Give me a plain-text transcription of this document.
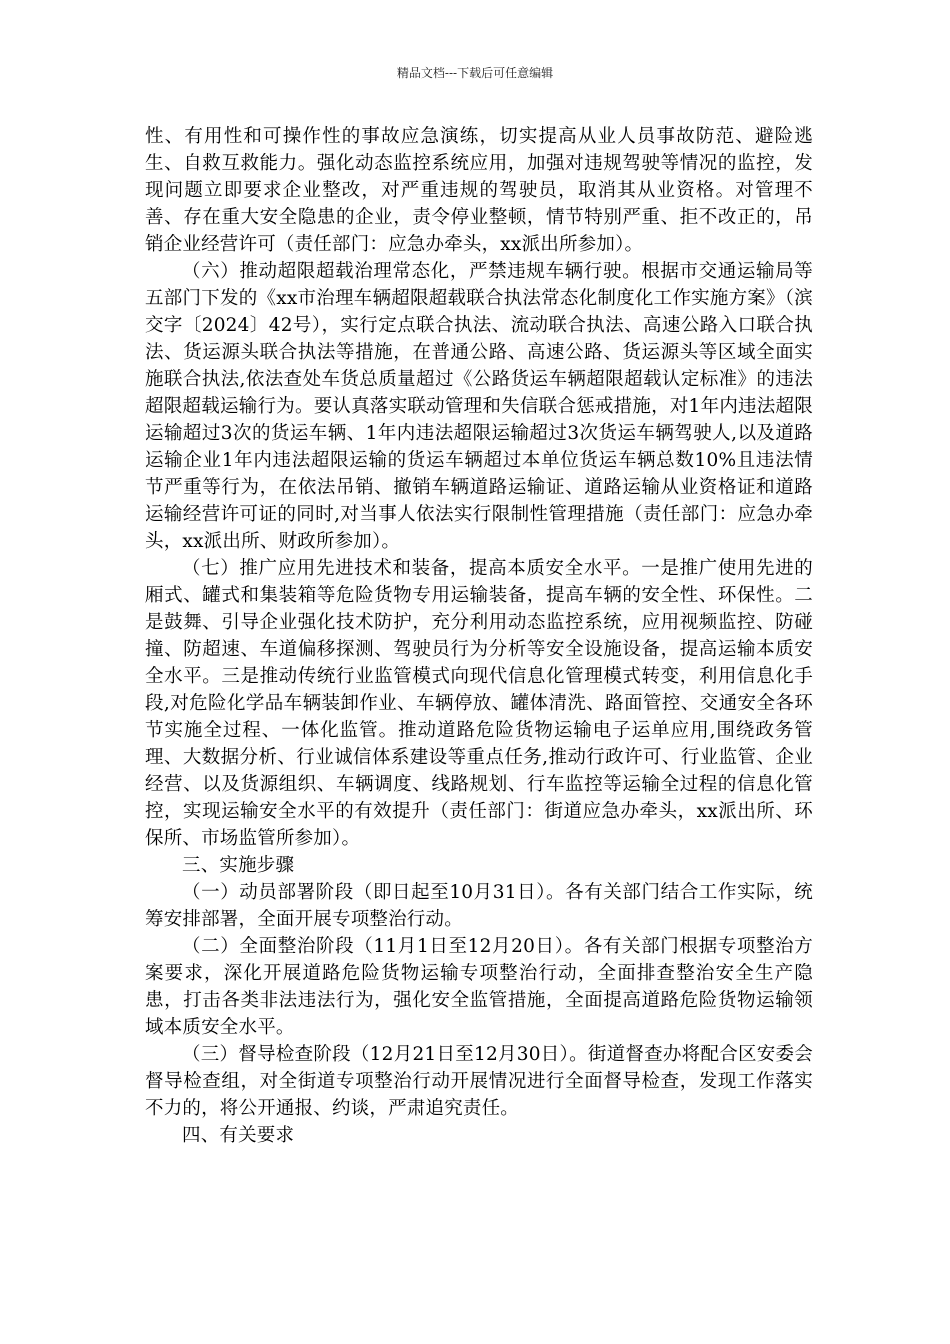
精品文档---下载后可任意编辑

性、有用性和可操作性的事故应急演练，切实提高从业人员事故防范、避险逃生、自救互救能力。强化动态监控系统应用，加强对违规驾驶等情况的监控，发现问题立即要求企业整改，对严重违规的驾驶员，取消其从业资格。对管理不善、存在重大安全隐患的企业，责令停业整顿，情节特别严重、拒不改正的，吊销企业经营许可（责任部门：应急办牵头，xx派出所参加）。

（六）推动超限超载治理常态化，严禁违规车辆行驶。根据市交通运输局等五部门下发的《xx市治理车辆超限超载联合执法常态化制度化工作实施方案》（滨交字〔2024〕42号），实行定点联合执法、流动联合执法、高速公路入口联合执法、货运源头联合执法等措施，在普通公路、高速公路、货运源头等区域全面实施联合执法,依法查处车货总质量超过《公路货运车辆超限超载认定标准》的违法超限超载运输行为。要认真落实联动管理和失信联合惩戒措施，对1年内违法超限运输超过3次的货运车辆、1年内违法超限运输超过3次货运车辆驾驶人,以及道路运输企业1年内违法超限运输的货运车辆超过本单位货运车辆总数10%且违法情节严重等行为，在依法吊销、撤销车辆道路运输证、道路运输从业资格证和道路运输经营许可证的同时,对当事人依法实行限制性管理措施（责任部门：应急办牵头，xx派出所、财政所参加）。

（七）推广应用先进技术和装备，提高本质安全水平。一是推广使用先进的厢式、罐式和集装箱等危险货物专用运输装备，提高车辆的安全性、环保性。二是鼓舞、引导企业强化技术防护，充分利用动态监控系统，应用视频监控、防碰撞、防超速、车道偏移探测、驾驶员行为分析等安全设施设备，提高运输本质安全水平。三是推动传统行业监管模式向现代信息化管理模式转变，利用信息化手段,对危险化学品车辆装卸作业、车辆停放、罐体清洗、路面管控、交通安全各环节实施全过程、一体化监管。推动道路危险货物运输电子运单应用,围绕政务管理、大数据分析、行业诚信体系建设等重点任务,推动行政许可、行业监管、企业经营、以及货源组织、车辆调度、线路规划、行车监控等运输全过程的信息化管控，实现运输安全水平的有效提升（责任部门：街道应急办牵头，xx派出所、环保所、市场监管所参加）。

三、实施步骤

（一）动员部署阶段（即日起至10月31日）。各有关部门结合工作实际，统筹安排部署，全面开展专项整治行动。

（二）全面整治阶段（11月1日至12月20日）。各有关部门根据专项整治方案要求，深化开展道路危险货物运输专项整治行动，全面排查整治安全生产隐患，打击各类非法违法行为，强化安全监管措施，全面提高道路危险货物运输领域本质安全水平。

（三）督导检查阶段（12月21日至12月30日）。街道督查办将配合区安委会督导检查组，对全街道专项整治行动开展情况进行全面督导检查，发现工作落实不力的，将公开通报、约谈，严肃追究责任。

四、有关要求
